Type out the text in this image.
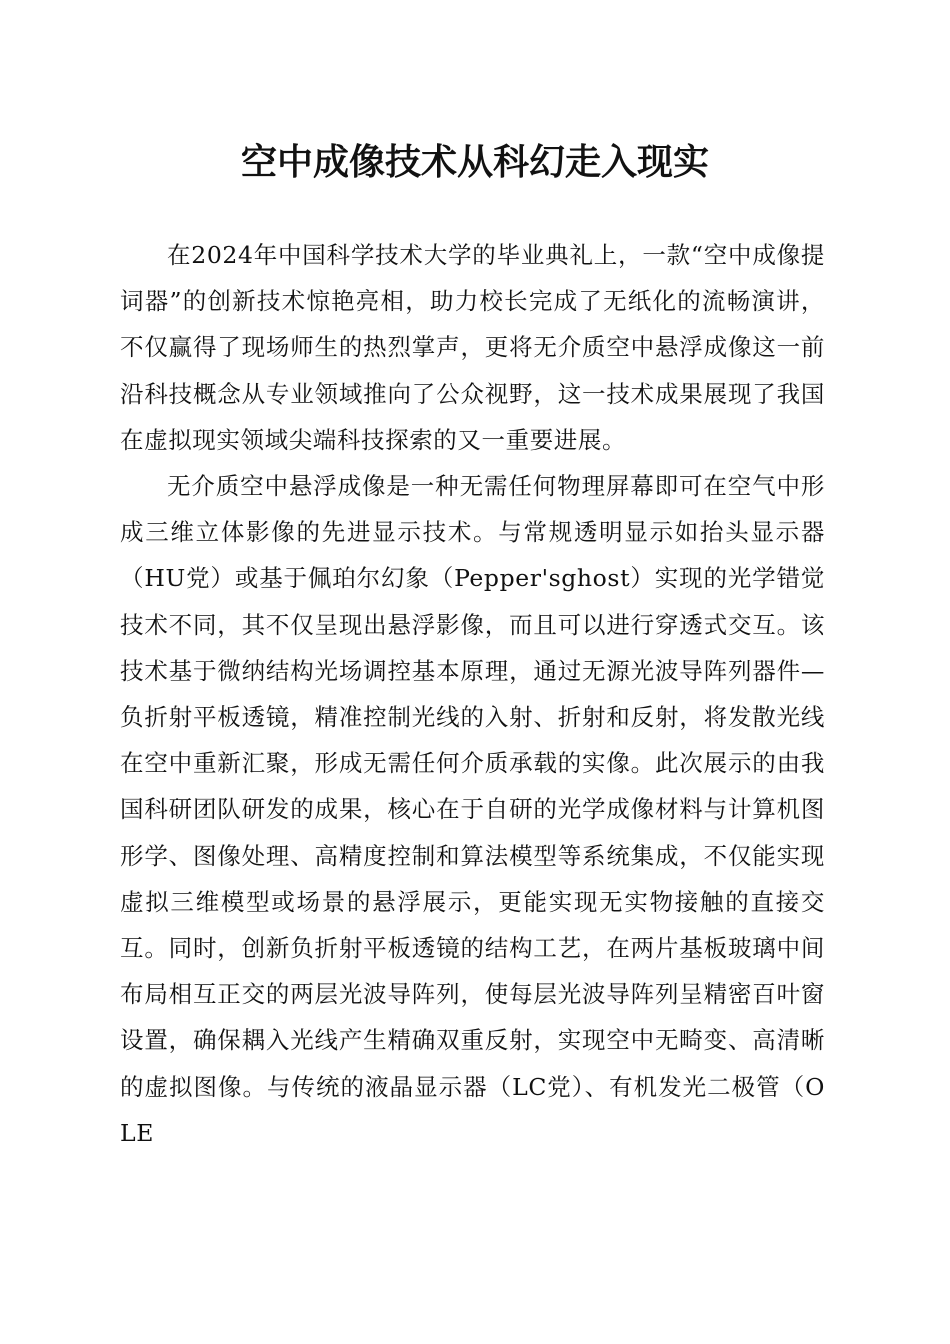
空中成像技术从科幻走入现实

在2024年中国科学技术大学的毕业典礼上，一款“空中成像提词器”的创新技术惊艳亮相，助力校长完成了无纸化的流畅演讲，不仅赢得了现场师生的热烈掌声，更将无介质空中悬浮成像这一前沿科技概念从专业领域推向了公众视野，这一技术成果展现了我国在虚拟现实领域尖端科技探索的又一重要进展。

无介质空中悬浮成像是一种无需任何物理屏幕即可在空气中形成三维立体影像的先进显示技术。与常规透明显示如抬头显示器（HU党）或基于佩珀尔幻象（Pepper'sghost）实现的光学错觉技术不同，其不仅呈现出悬浮影像，而且可以进行穿透式交互。该技术基于微纳结构光场调控基本原理，通过无源光波导阵列器件—负折射平板透镜，精准控制光线的入射、折射和反射，将发散光线在空中重新汇聚，形成无需任何介质承载的实像。此次展示的由我国科研团队研发的成果，核心在于自研的光学成像材料与计算机图形学、图像处理、高精度控制和算法模型等系统集成，不仅能实现虚拟三维模型或场景的悬浮展示，更能实现无实物接触的直接交互。同时，创新负折射平板透镜的结构工艺，在两片基板玻璃中间布局相互正交的两层光波导阵列，使每层光波导阵列呈精密百叶窗设置，确保耦入光线产生精确双重反射，实现空中无畸变、高清晰的虚拟图像。与传统的液晶显示器（LC党）、有机发光二极管（OLE
